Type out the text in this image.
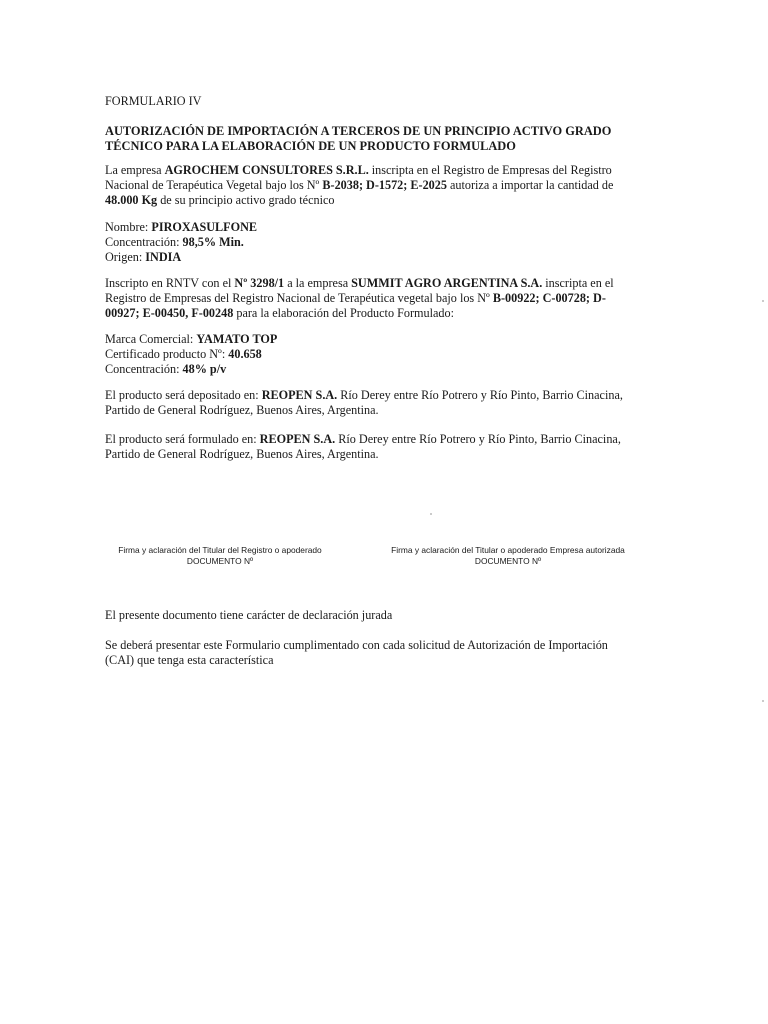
FORMULARIO IV

AUTORIZACIÓN DE IMPORTACIÓN A TERCEROS DE UN PRINCIPIO ACTIVO GRADO

TÉCNICO PARA LA ELABORACIÓN DE UN PRODUCTO FORMULADO

La empresa AGROCHEM CONSULTORES S.R.L. inscripta en el Registro de Empresas del Registro

Nacional de Terapéutica Vegetal bajo los Nº B-2038; D-1572; E-2025 autoriza a importar la cantidad de

48.000 Kg de su principio activo grado técnico

Nombre: PIROXASULFONE

Concentración: 98,5% Min.

Origen: INDIA

Inscripto en RNTV con el Nº 3298/1 a la empresa SUMMIT AGRO ARGENTINA S.A. inscripta en el

Registro de Empresas del Registro Nacional de Terapéutica vegetal bajo los Nº B-00922; C-00728; D-

00927; E-00450, F-00248 para la elaboración del Producto Formulado:

Marca Comercial: YAMATO TOP

Certificado producto Nº: 40.658

Concentración: 48% p/v

El producto será depositado en: REOPEN S.A. Río Derey entre Río Potrero y Río Pinto, Barrio Cinacina,

Partido de General Rodríguez, Buenos Aires, Argentina.

El producto será formulado en: REOPEN S.A. Río Derey entre Río Potrero y Río Pinto, Barrio Cinacina,

Partido de General Rodríguez, Buenos Aires, Argentina.

Firma y aclaración del Titular del Registro o apoderado
DOCUMENTO Nº
Firma y aclaración del Titular o apoderado Empresa autorizada
DOCUMENTO Nº

El presente documento tiene carácter de declaración jurada

Se deberá presentar este Formulario cumplimentado con cada solicitud de Autorización de Importación

(CAI) que tenga esta característica
